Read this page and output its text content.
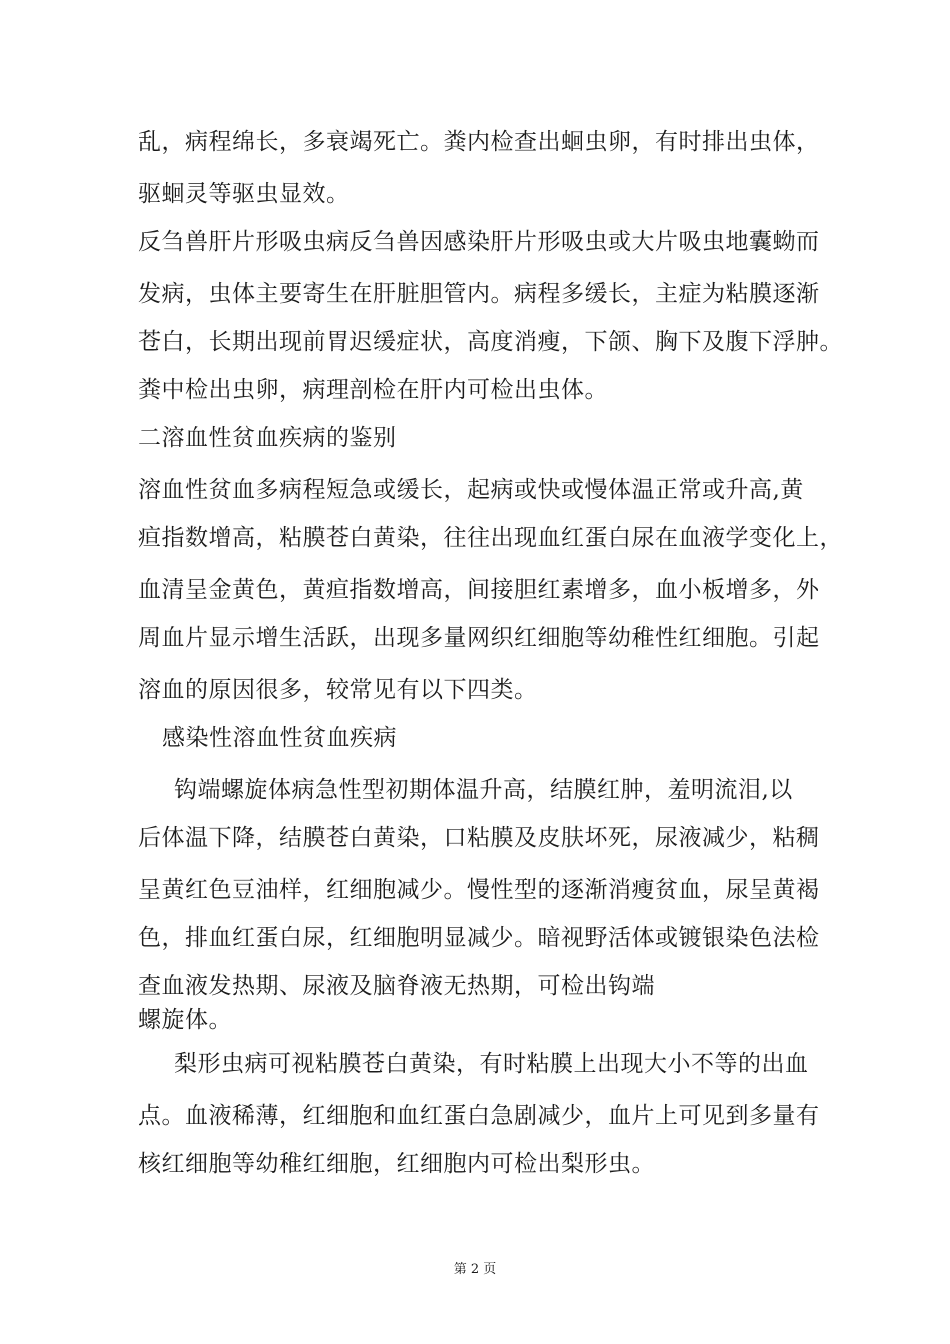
乱，病程绵长，多衰竭死亡。粪内检查出蛔虫卵，有时排出虫体，
驱蛔灵等驱虫显效。
反刍兽肝片形吸虫病反刍兽因感染肝片形吸虫或大片吸虫地囊蚴而
发病，虫体主要寄生在肝脏胆管内。病程多缓长，主症为粘膜逐渐
苍白，长期出现前胃迟缓症状，高度消瘦，下颌、胸下及腹下浮肿。
粪中检出虫卵，病理剖检在肝内可检出虫体。
二溶血性贫血疾病的鉴别
溶血性贫血多病程短急或缓长，起病或快或慢体温正常或升高,黄
疸指数增高，粘膜苍白黄染，往往出现血红蛋白尿在血液学变化上，
血清呈金黄色，黄疸指数增高，间接胆红素增多，血小板增多，外
周血片显示增生活跃，出现多量网织红细胞等幼稚性红细胞。引起
溶血的原因很多，较常见有以下四类。
感染性溶血性贫血疾病
钩端螺旋体病急性型初期体温升高，结膜红肿，羞明流泪,以
后体温下降，结膜苍白黄染，口粘膜及皮肤坏死，尿液减少，粘稠
呈黄红色豆油样，红细胞减少。慢性型的逐渐消瘦贫血，尿呈黄褐
色，排血红蛋白尿，红细胞明显减少。暗视野活体或镀银染色法检
查血液发热期、尿液及脑脊液无热期，可检出钩端
螺旋体。
梨形虫病可视粘膜苍白黄染，有时粘膜上出现大小不等的出血
点。血液稀薄，红细胞和血红蛋白急剧减少，血片上可见到多量有
核红细胞等幼稚红细胞，红细胞内可检出梨形虫。
第 2 页
